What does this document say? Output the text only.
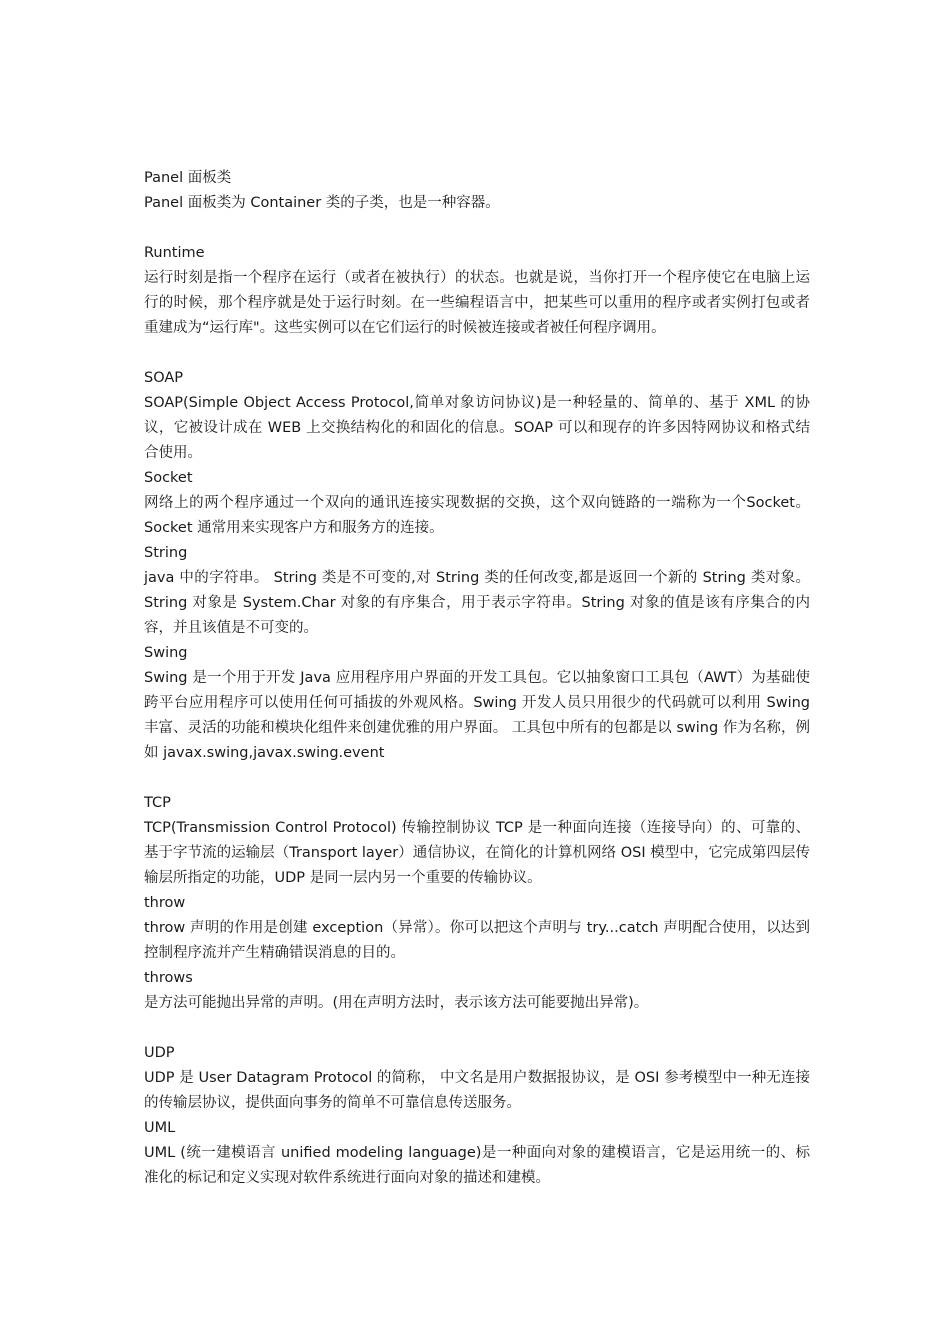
Panel 面板类

Panel 面板类为 Container 类的子类，也是一种容器。

Runtime

运行时刻是指一个程序在运行（或者在被执行）的状态。也就是说，当你打开一个程序使它在电脑上运行的时候，那个程序就是处于运行时刻。在一些编程语言中，把某些可以重用的程序或者实例打包或者重建成为“运行库"。这些实例可以在它们运行的时候被连接或者被任何程序调用。

SOAP

SOAP(Simple Object Access Protocol,简单对象访问协议)是一种轻量的、简单的、基于 XML 的协议，它被设计成在 WEB 上交换结构化的和固化的信息。SOAP 可以和现存的许多因特网协议和格式结合使用。

Socket

网络上的两个程序通过一个双向的通讯连接实现数据的交换，这个双向链路的一端称为一个Socket。Socket 通常用来实现客户方和服务方的连接。

String

java 中的字符串。 String 类是不可变的,对 String 类的任何改变,都是返回一个新的 String 类对象。 String 对象是 System.Char 对象的有序集合，用于表示字符串。String 对象的值是该有序集合的内容，并且该值是不可变的。

Swing

Swing 是一个用于开发 Java 应用程序用户界面的开发工具包。它以抽象窗口工具包（AWT）为基础使跨平台应用程序可以使用任何可插拔的外观风格。Swing 开发人员只用很少的代码就可以利用 Swing 丰富、灵活的功能和模块化组件来创建优雅的用户界面。 工具包中所有的包都是以 swing 作为名称，例如 javax.swing,javax.swing.event

TCP

TCP(Transmission Control Protocol) 传输控制协议 TCP 是一种面向连接（连接导向）的、可靠的、基于字节流的运输层（Transport layer）通信协议，在简化的计算机网络 OSI 模型中，它完成第四层传输层所指定的功能，UDP 是同一层内另一个重要的传输协议。

throw

throw 声明的作用是创建 exception（异常）。你可以把这个声明与 try...catch 声明配合使用，以达到控制程序流并产生精确错误消息的目的。

throws

是方法可能抛出异常的声明。(用在声明方法时，表示该方法可能要抛出异常)。

UDP

UDP 是 User Datagram Protocol 的简称， 中文名是用户数据报协议，是 OSI 参考模型中一种无连接的传输层协议，提供面向事务的简单不可靠信息传送服务。

UML

UML (统一建模语言 unified modeling language)是一种面向对象的建模语言，它是运用统一的、标准化的标记和定义实现对软件系统进行面向对象的描述和建模。
